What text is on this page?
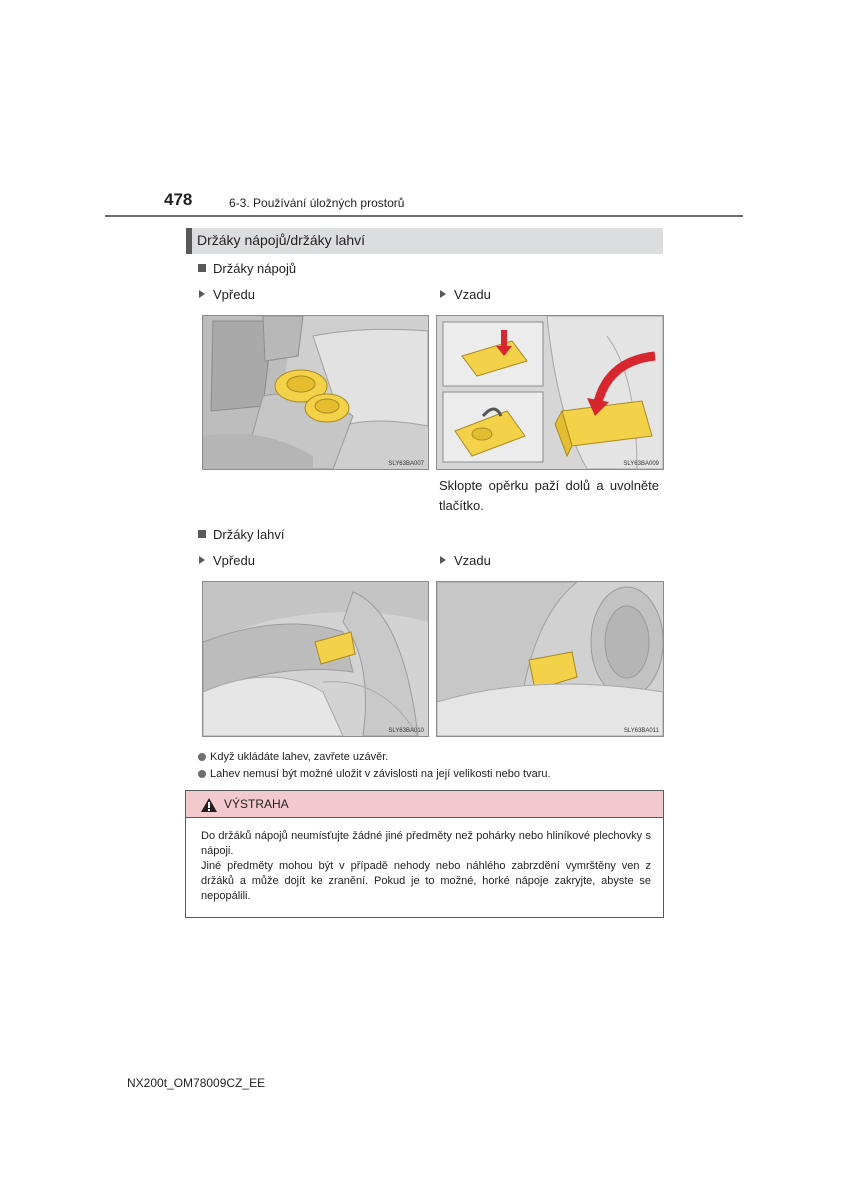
478	6-3. Používání úložných prostorů
Držáky nápojů/držáky lahví
Držáky nápojů
Vpředu	Vzadu
SLY63BA007	SLY63BA009
Sklopte opěrku paží dolů a uvolněte tlačítko.
Držáky lahví
Vpředu	Vzadu
SLY63BA010	SLY63BA011
Když ukládáte lahev, zavřete uzávěr.
Lahev nemusí být možné uložit v závislosti na její velikosti nebo tvaru.
VÝSTRAHA

Do držáků nápojů neumísťujte žádné jiné předměty než pohárky nebo hliníkové plechovky s nápoji.

Jiné předměty mohou být v případě nehody nebo náhlého zabrzdění vymrštěny ven z držáků a může dojít ke zranění. Pokud je to možné, horké nápoje zakryjte, abyste se nepopálili.

NX200t_OM78009CZ_EE
